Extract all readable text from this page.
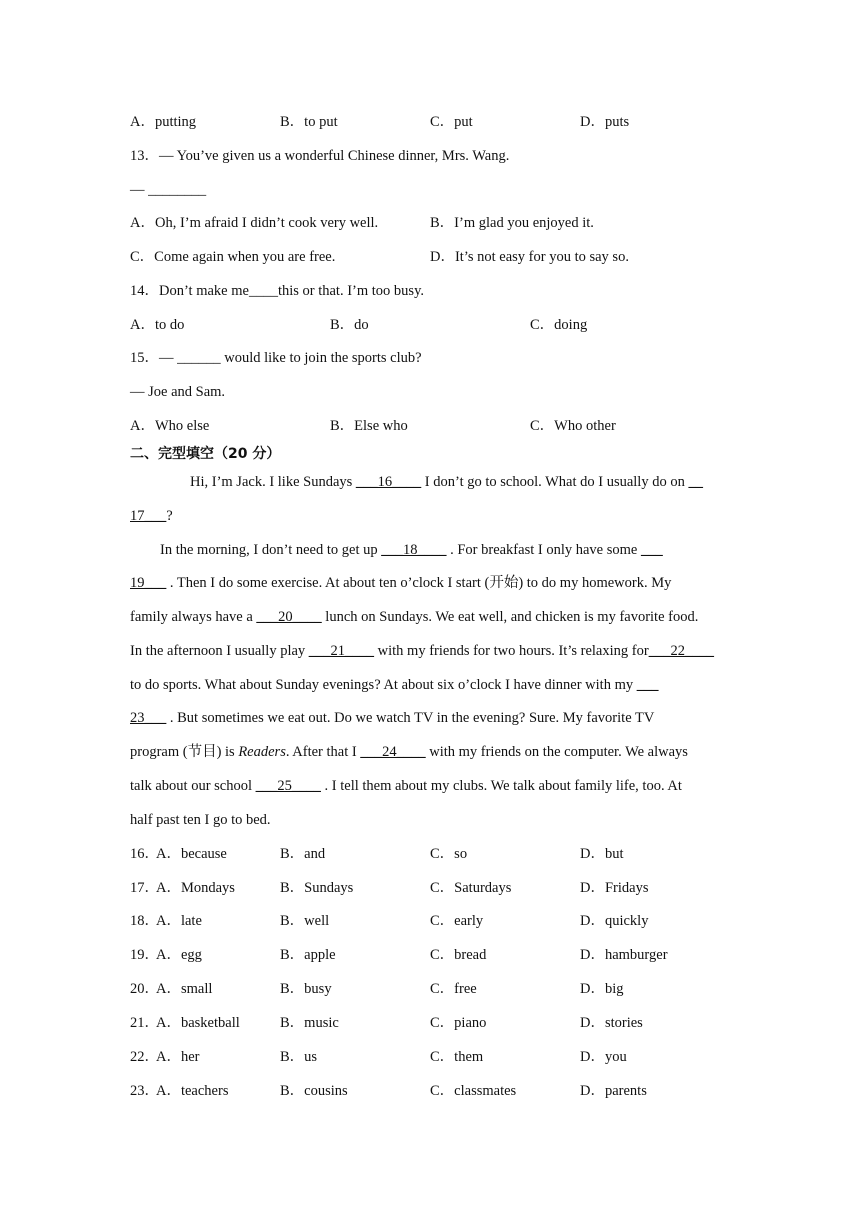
A．putting	B．to put	C．put	D．puts
13．— You’ve given us a wonderful Chinese dinner, Mrs. Wang.
— ________
A．Oh, I’m afraid I didn’t cook very well.	B．I’m glad you enjoyed it.
C．Come again when you are free.	D．It’s not easy for you to say so.
14．Don’t make me____this or that. I’m too busy.
A．to do	B．do	C．doing
15．— ______ would like to join the sports club?
— Joe and Sam.
A．Who else	B．Else who	C．Who other
二、完型填空（20 分）
Hi, I’m Jack. I like Sundays ___16____ I don’t go to school. What do I usually do on __
17___?
In the morning, I don’t need to get up ___18____ . For breakfast I only have some ___
19___ . Then I do some exercise. At about ten o’clock I start (开始) to do my homework. My
family always have a ___20____ lunch on Sundays. We eat well, and chicken is my favorite food.
In the afternoon I usually play ___21____ with my friends for two hours. It’s relaxing for___22____
to do sports. What about Sunday evenings? At about six o’clock I have dinner with my ___
23___ . But sometimes we eat out. Do we watch TV in the evening? Sure. My favorite TV
program (节目) is Readers. After that I ___24____ with my friends on the computer. We always
talk about our school ___25____ . I tell them about my clubs. We talk about family life, too. At
half past ten I go to bed.
16．
A．because	B．and	C．so	D．but
17．
A．Mondays	B．Sundays	C．Saturdays	D．Fridays
18．
A．late	B．well	C．early	D．quickly
19．
A．egg	B．apple	C．bread	D．hamburger
20．
A．small	B．busy	C．free	D．big
21．
A．basketball	B．music	C．piano	D．stories
22．
A．her	B．us	C．them	D．you
23．
A．teachers	B．cousins	C．classmates	D．parents
